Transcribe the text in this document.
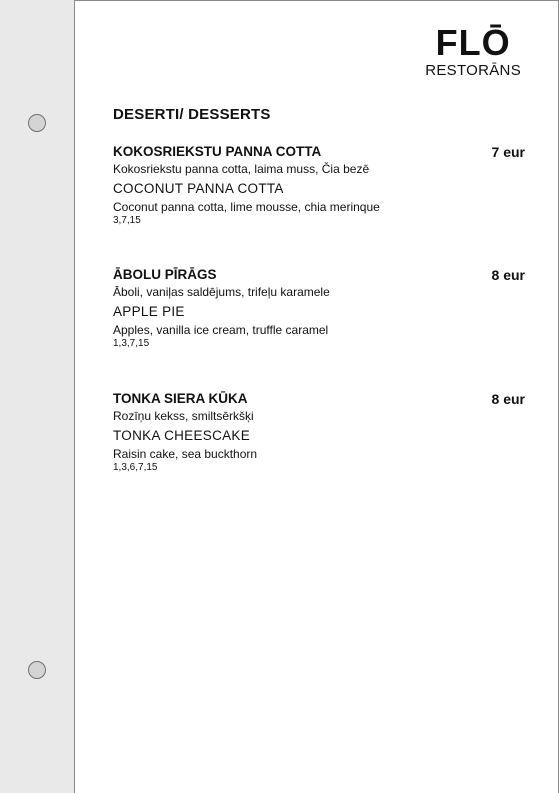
FLŌ
RESTORĀNS
DESERTI/ DESSERTS
KOKOSRIEKSTU PANNA COTTA	7 eur
Kokosriekstu panna cotta, laima muss, Čia bezē
COCONUT PANNA COTTA
Coconut panna cotta, lime mousse, chia merinque
3,7,15
ĀBOLU PĪRĀGS	8 eur
Āboli, vaniļas saldējums, trifeļu karamele
APPLE PIE
Apples, vanilla ice cream, truffle caramel
1,3,7,15
TONKA SIERA KŪKA	8 eur
Rozīņu kekss, smiltsērkšķi
TONKA CHEESCAKE
Raisin cake, sea buckthorn
1,3,6,7,15
